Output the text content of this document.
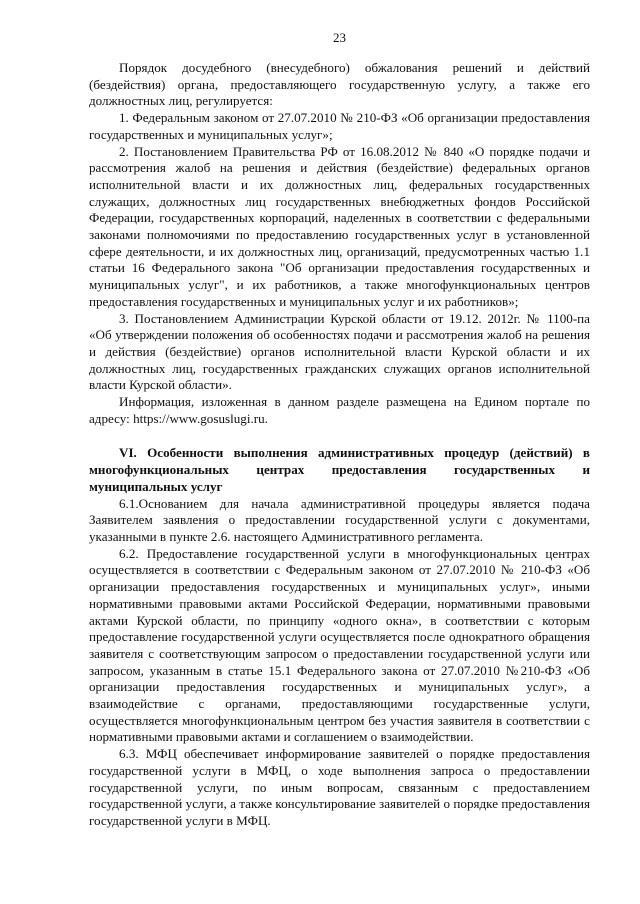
23

Порядок досудебного (внесудебного) обжалования решений и действий (бездействия) органа, предоставляющего государственную услугу, а также его должностных лиц, регулируется:

1. Федеральным законом от 27.07.2010 № 210-ФЗ «Об организации предоставления государственных и муниципальных услуг»;

2. Постановлением Правительства РФ от 16.08.2012 № 840 «О порядке подачи и рассмотрения жалоб на решения и действия (бездействие) федеральных органов исполнительной власти и их должностных лиц, федеральных государственных служащих, должностных лиц государственных внебюджетных фондов Российской Федерации, государственных корпораций, наделенных в соответствии с федеральными законами полномочиями по предоставлению государственных услуг в установленной сфере деятельности, и их должностных лиц, организаций, предусмотренных частью 1.1 статьи 16 Федерального закона "Об организации предоставления государственных и муниципальных услуг", и их работников, а также многофункциональных центров предоставления государственных и муниципальных услуг и их работников»;

3. Постановлением Администрации Курской области от 19.12. 2012г. № 1100-па «Об утверждении положения об особенностях подачи и рассмотрения жалоб на решения и действия (бездействие) органов исполнительной власти Курской области и их должностных лиц, государственных гражданских служащих органов исполнительной власти Курской области».

Информация, изложенная в данном разделе размещена на Едином портале по адресу: https://www.gosuslugi.ru.

VI. Особенности выполнения административных процедур (действий) в многофункциональных центрах предоставления государственных и муниципальных услуг

6.1.Основанием для начала административной процедуры является подача Заявителем заявления о предоставлении государственной услуги с документами, указанными в пункте 2.6. настоящего Административного регламента.

6.2. Предоставление государственной услуги в многофункциональных центрах осуществляется в соответствии с Федеральным законом от 27.07.2010 № 210-ФЗ «Об организации предоставления государственных и муниципальных услуг», иными нормативными правовыми актами Российской Федерации, нормативными правовыми актами Курской области, по принципу «одного окна», в соответствии с которым предоставление государственной услуги осуществляется после однократного обращения заявителя с соответствующим запросом о предоставлении государственной услуги или запросом, указанным в статье 15.1 Федерального закона от 27.07.2010 №210-ФЗ «Об организации предоставления государственных и муниципальных услуг», а взаимодействие с органами, предоставляющими государственные услуги, осуществляется многофункциональным центром без участия заявителя в соответствии с нормативными правовыми актами и соглашением о взаимодействии.

6.3. МФЦ обеспечивает информирование заявителей о порядке предоставления государственной услуги в МФЦ, о ходе выполнения запроса о предоставлении государственной услуги, по иным вопросам, связанным с предоставлением государственной услуги, а также консультирование заявителей о порядке предоставления государственной услуги в МФЦ.
